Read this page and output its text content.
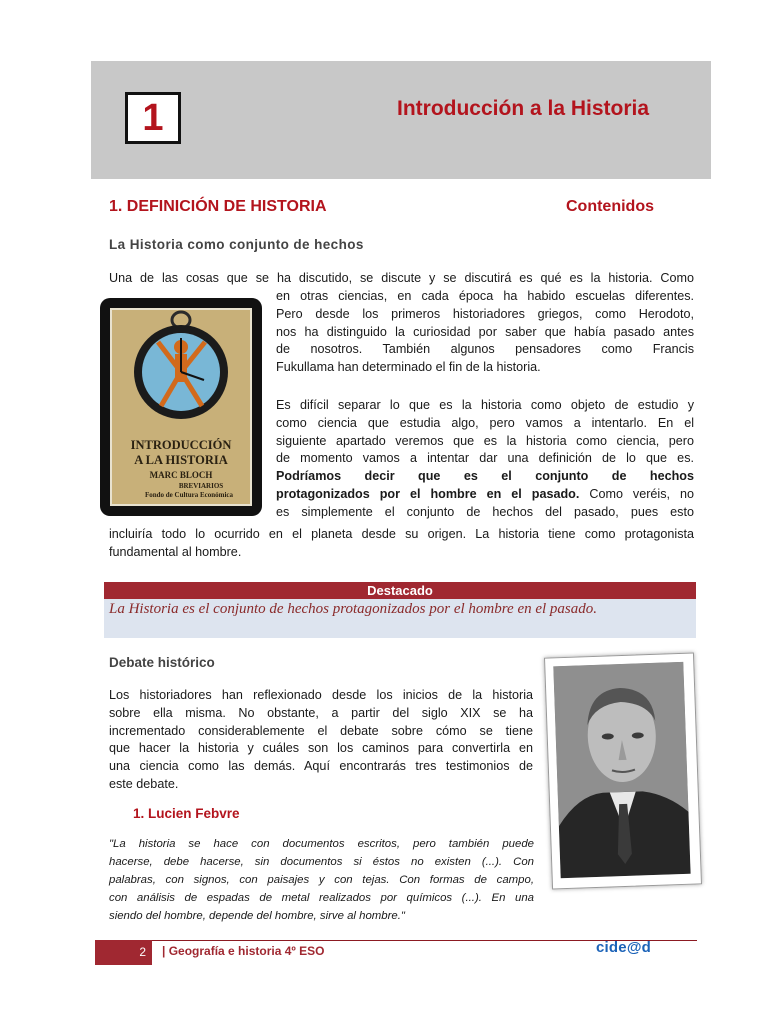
1	Introducción a la Historia
1. DEFINICIÓN DE HISTORIA	Contenidos
La Historia como conjunto de hechos

Una de las cosas que se ha discutido, se discute y se discutirá es qué es la historia. Como

en otras ciencias, en cada época ha habido escuelas diferentes.
Pero desde los primeros historiadores griegos, como Herodoto,
nos ha distinguido la curiosidad por saber que había pasado antes
de nosotros. También algunos pensadores como Francis
Fukullama han determinado el fin de la historia.

Es difícil separar lo que es la historia como objeto de estudio y
como ciencia que estudia algo, pero vamos a intentarlo. En el
siguiente apartado veremos que es la historia como ciencia, pero
de momento vamos a intentar dar una definición de lo que es.
Podríamos decir que es el conjunto de hechos
protagonizados por el hombre en el pasado. Como veréis, no
es simplemente el conjunto de hechos del pasado, pues esto

incluiría todo lo ocurrido en el planeta desde su origen. La historia tiene como protagonista
fundamental al hombre.

INTRODUCCIÓN
A LA HISTORIA
MARC BLOCH
BREVIARIOS
Fondo de Cultura Económica
Destacado
La Historia es el conjunto de hechos protagonizados por el hombre en el pasado.
Debate histórico

Los historiadores han reflexionado desde los inicios de la historia
sobre ella misma. No obstante, a partir del siglo XIX se ha
incrementado considerablemente el debate sobre cómo se tiene
que hacer la historia y cuáles son los caminos para convertirla en
una ciencia como las demás. Aquí encontrarás tres testimonios de
este debate.

1. Lucien Febvre

"La historia se hace con documentos escritos, pero también puede
hacerse, debe hacerse, sin documentos si éstos no existen (...). Con
palabras, con signos, con paisajes y con tejas. Con formas de campo,
con análisis de espadas de metal realizados por químicos (...). En una
siendo del hombre, depende del hombre, sirve al hombre."

2	| Geografía e historia 4º ESO	cide@d
